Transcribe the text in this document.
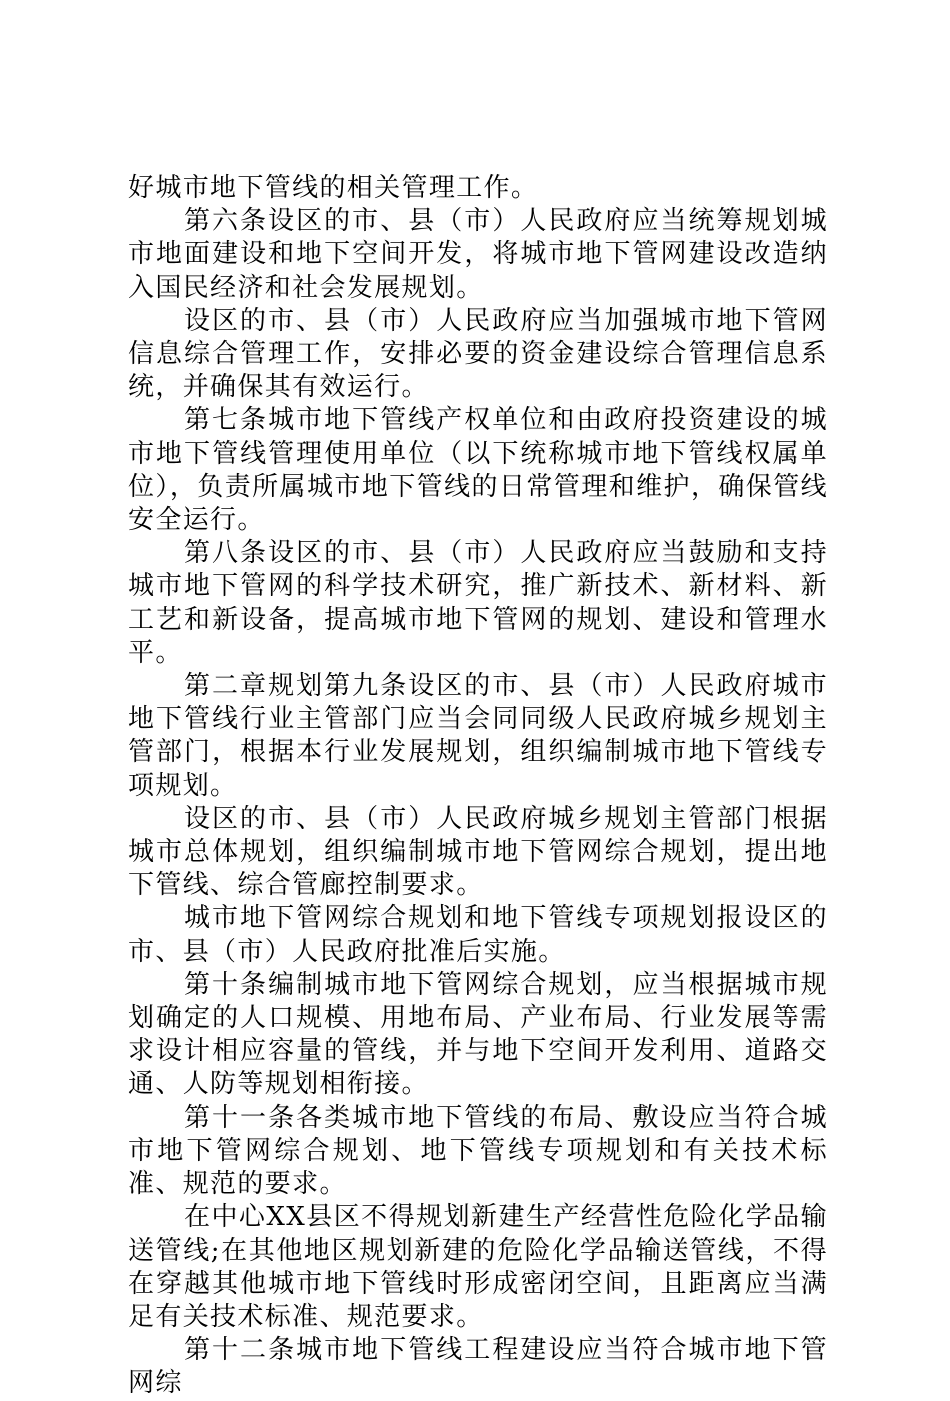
好城市地下管线的相关管理工作。

第六条设区的市、县（市）人民政府应当统筹规划城市地面建设和地下空间开发，将城市地下管网建设改造纳入国民经济和社会发展规划。

设区的市、县（市）人民政府应当加强城市地下管网信息综合管理工作，安排必要的资金建设综合管理信息系统，并确保其有效运行。

第七条城市地下管线产权单位和由政府投资建设的城市地下管线管理使用单位（以下统称城市地下管线权属单位），负责所属城市地下管线的日常管理和维护，确保管线安全运行。

第八条设区的市、县（市）人民政府应当鼓励和支持城市地下管网的科学技术研究，推广新技术、新材料、新工艺和新设备，提高城市地下管网的规划、建设和管理水平。

第二章规划第九条设区的市、县（市）人民政府城市地下管线行业主管部门应当会同同级人民政府城乡规划主管部门，根据本行业发展规划，组织编制城市地下管线专项规划。

设区的市、县（市）人民政府城乡规划主管部门根据城市总体规划，组织编制城市地下管网综合规划，提出地下管线、综合管廊控制要求。

城市地下管网综合规划和地下管线专项规划报设区的市、县（市）人民政府批准后实施。

第十条编制城市地下管网综合规划，应当根据城市规划确定的人口规模、用地布局、产业布局、行业发展等需求设计相应容量的管线，并与地下空间开发利用、道路交通、人防等规划相衔接。

第十一条各类城市地下管线的布局、敷设应当符合城市地下管网综合规划、地下管线专项规划和有关技术标准、规范的要求。

在中心XX县区不得规划新建生产经营性危险化学品输送管线;在其他地区规划新建的危险化学品输送管线，不得在穿越其他城市地下管线时形成密闭空间，且距离应当满足有关技术标准、规范要求。

第十二条城市地下管线工程建设应当符合城市地下管网综
